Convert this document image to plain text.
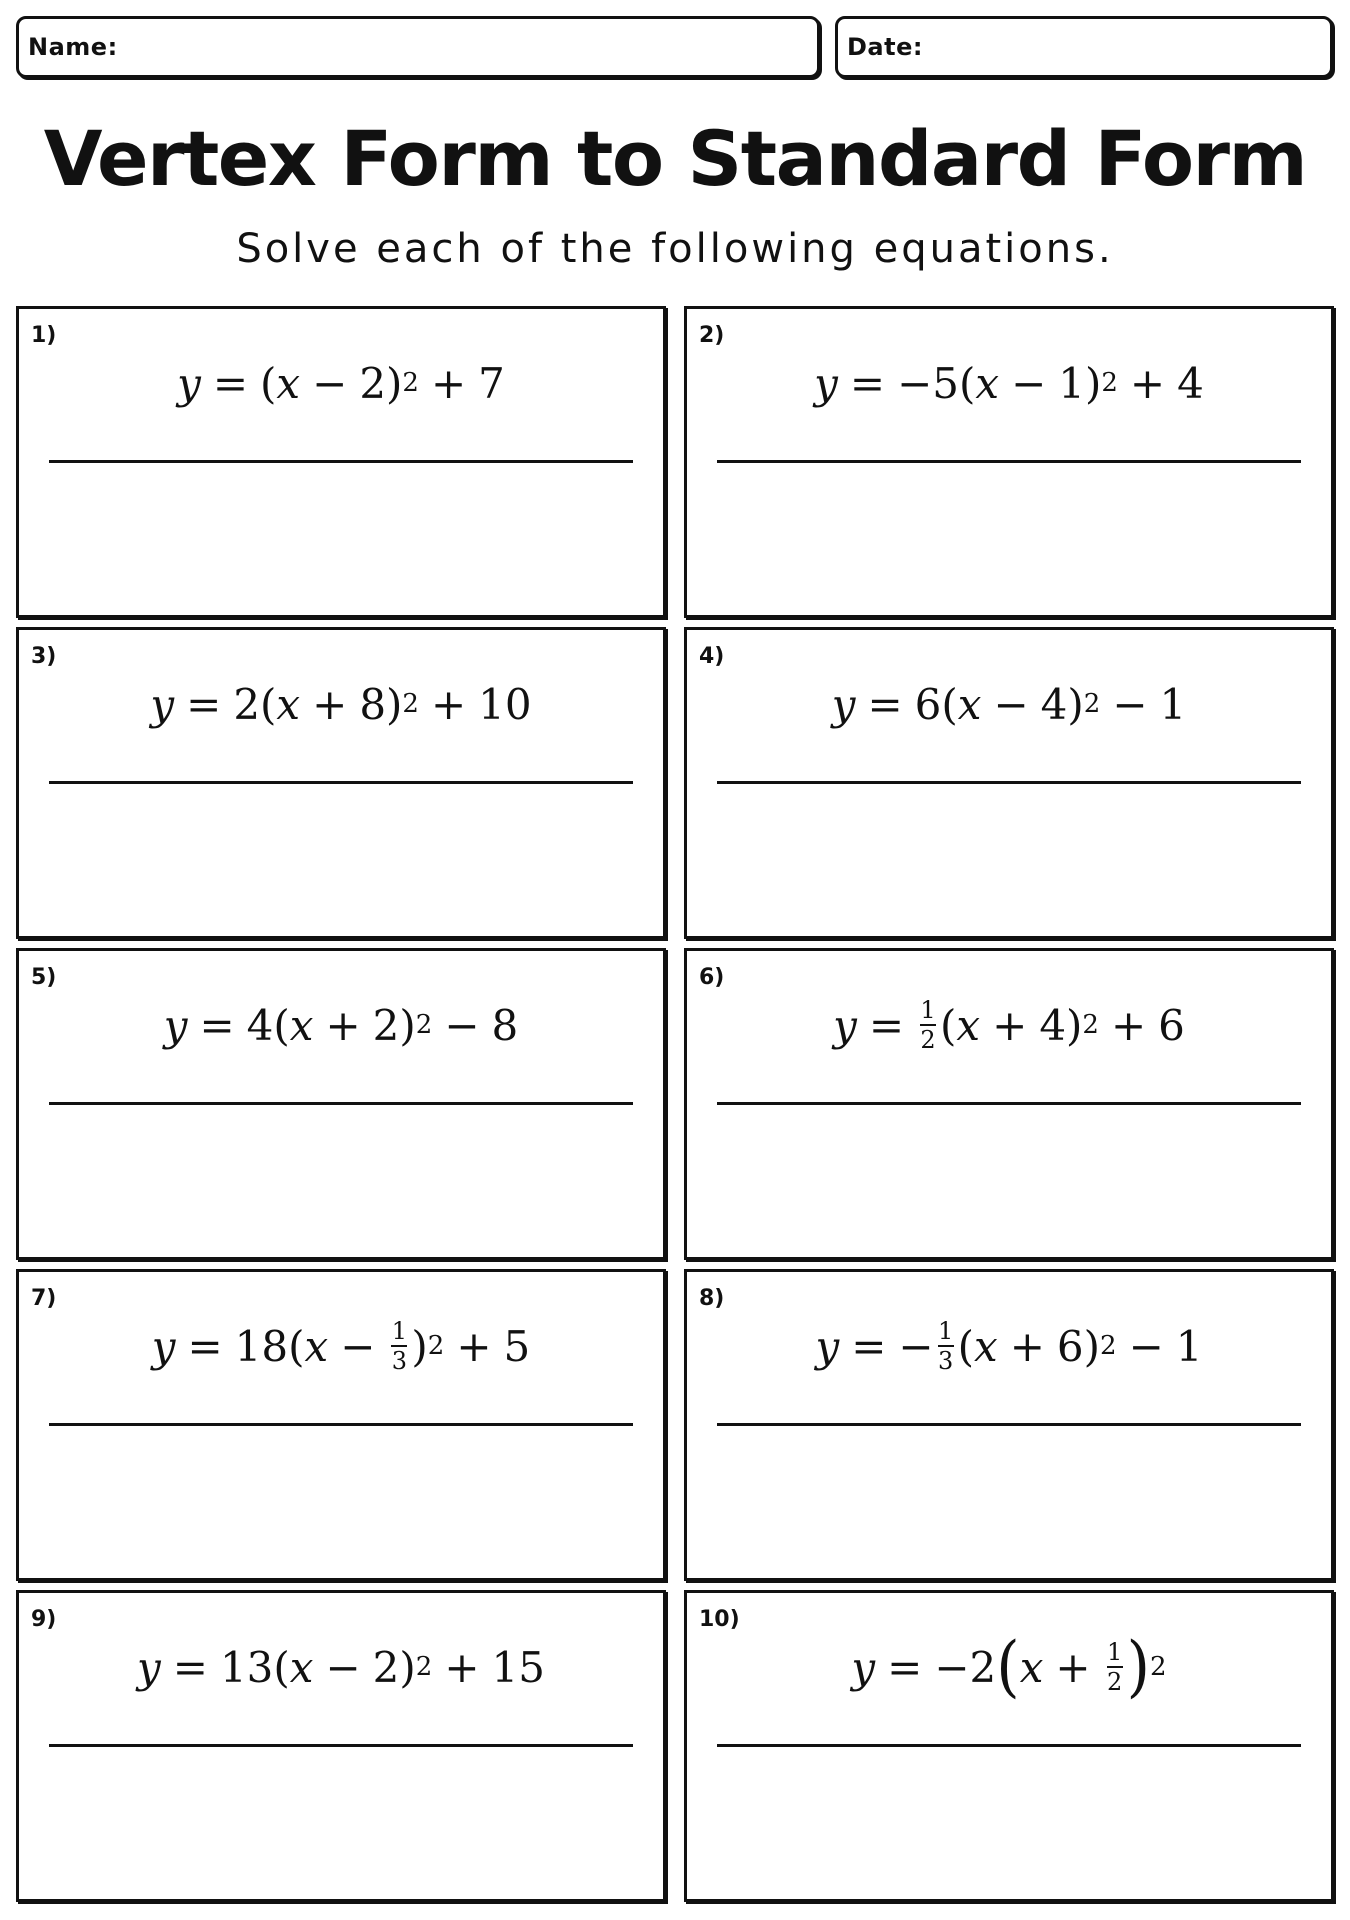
Name:	Date:
Vertex Form to Standard Form
Solve each of the following equations.
1)
y = ( x − 2) 2 + 7
2)
y = −5( x − 1) 2 + 4
3)
y = 2( x + 8) 2 + 10
4)
y = 6( x − 4) 2 − 1
5)
y = 4( x + 2) 2 − 8
6)
$y = \frac{1}{2}$ ( x + 4) 2 + 6
7)
y = 18( $x - \frac{1}{3}$ ) 2 + 5
8)
y = − $\frac{1}{3}$ ( x + 6) 2 − 1
9)
y = 13( x − 2) 2 + 15
10)
y = −2 ( $x + \frac{1}{2}$ ) 2
